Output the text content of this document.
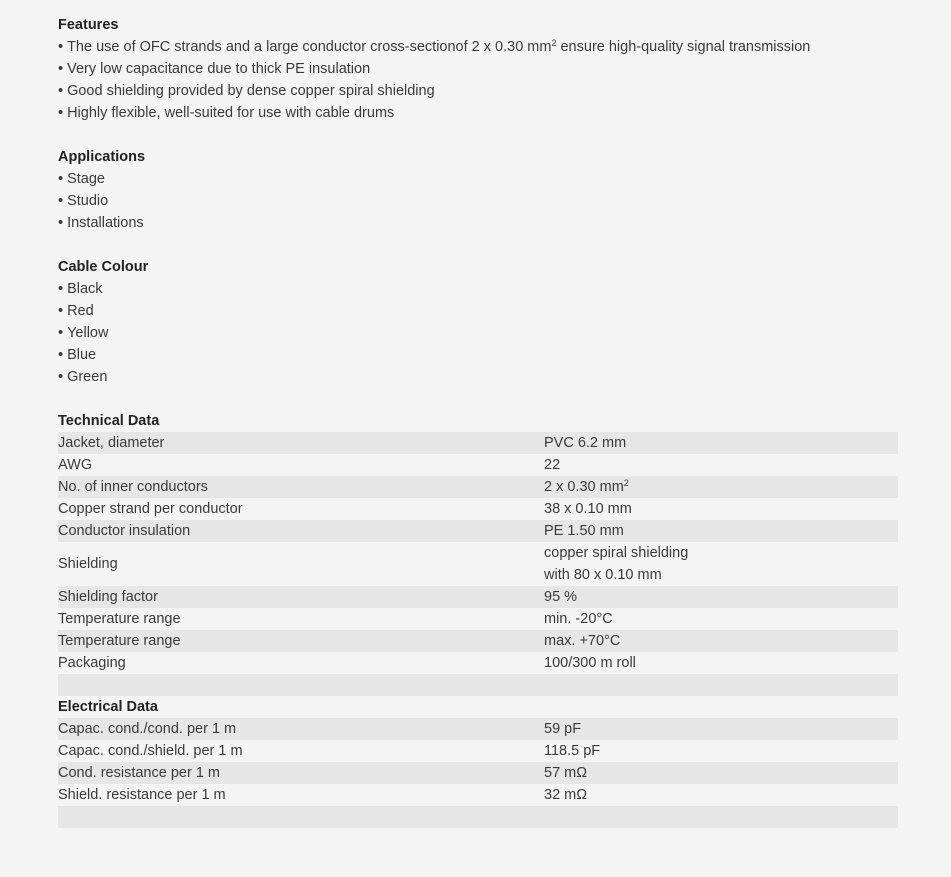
Features
• The use of OFC strands and a large conductor cross-sectionof 2 x 0.30 $mm^2$ ensure high-quality signal transmission
• Very low capacitance due to thick PE insulation
• Good shielding provided by dense copper spiral shielding
• Highly flexible, well-suited for use with cable drums
Applications
• Stage
• Studio
• Installations
Cable Colour
• Black
• Red
• Yellow
• Blue
• Green
Technical Data
Jacket, diameter	PVC 6.2 mm
AWG	22
No. of inner conductors	2 x 0.30 $mm^2$
Copper strand per conductor	38 x 0.10 mm
Conductor insulation	PE 1.50 mm
Shielding	copper spiral shielding
with 80 x 0.10 mm

Shielding factor	95 %
Temperature range	min. -20°C
Temperature range	max. +70°C
Packaging	100/300 m roll

Electrical Data
Capac. cond./cond. per 1 m	59 pF
Capac. cond./shield. per 1 m	118.5 pF
Cond. resistance per 1 m	57 mΩ
Shield. resistance per 1 m	32 mΩ
